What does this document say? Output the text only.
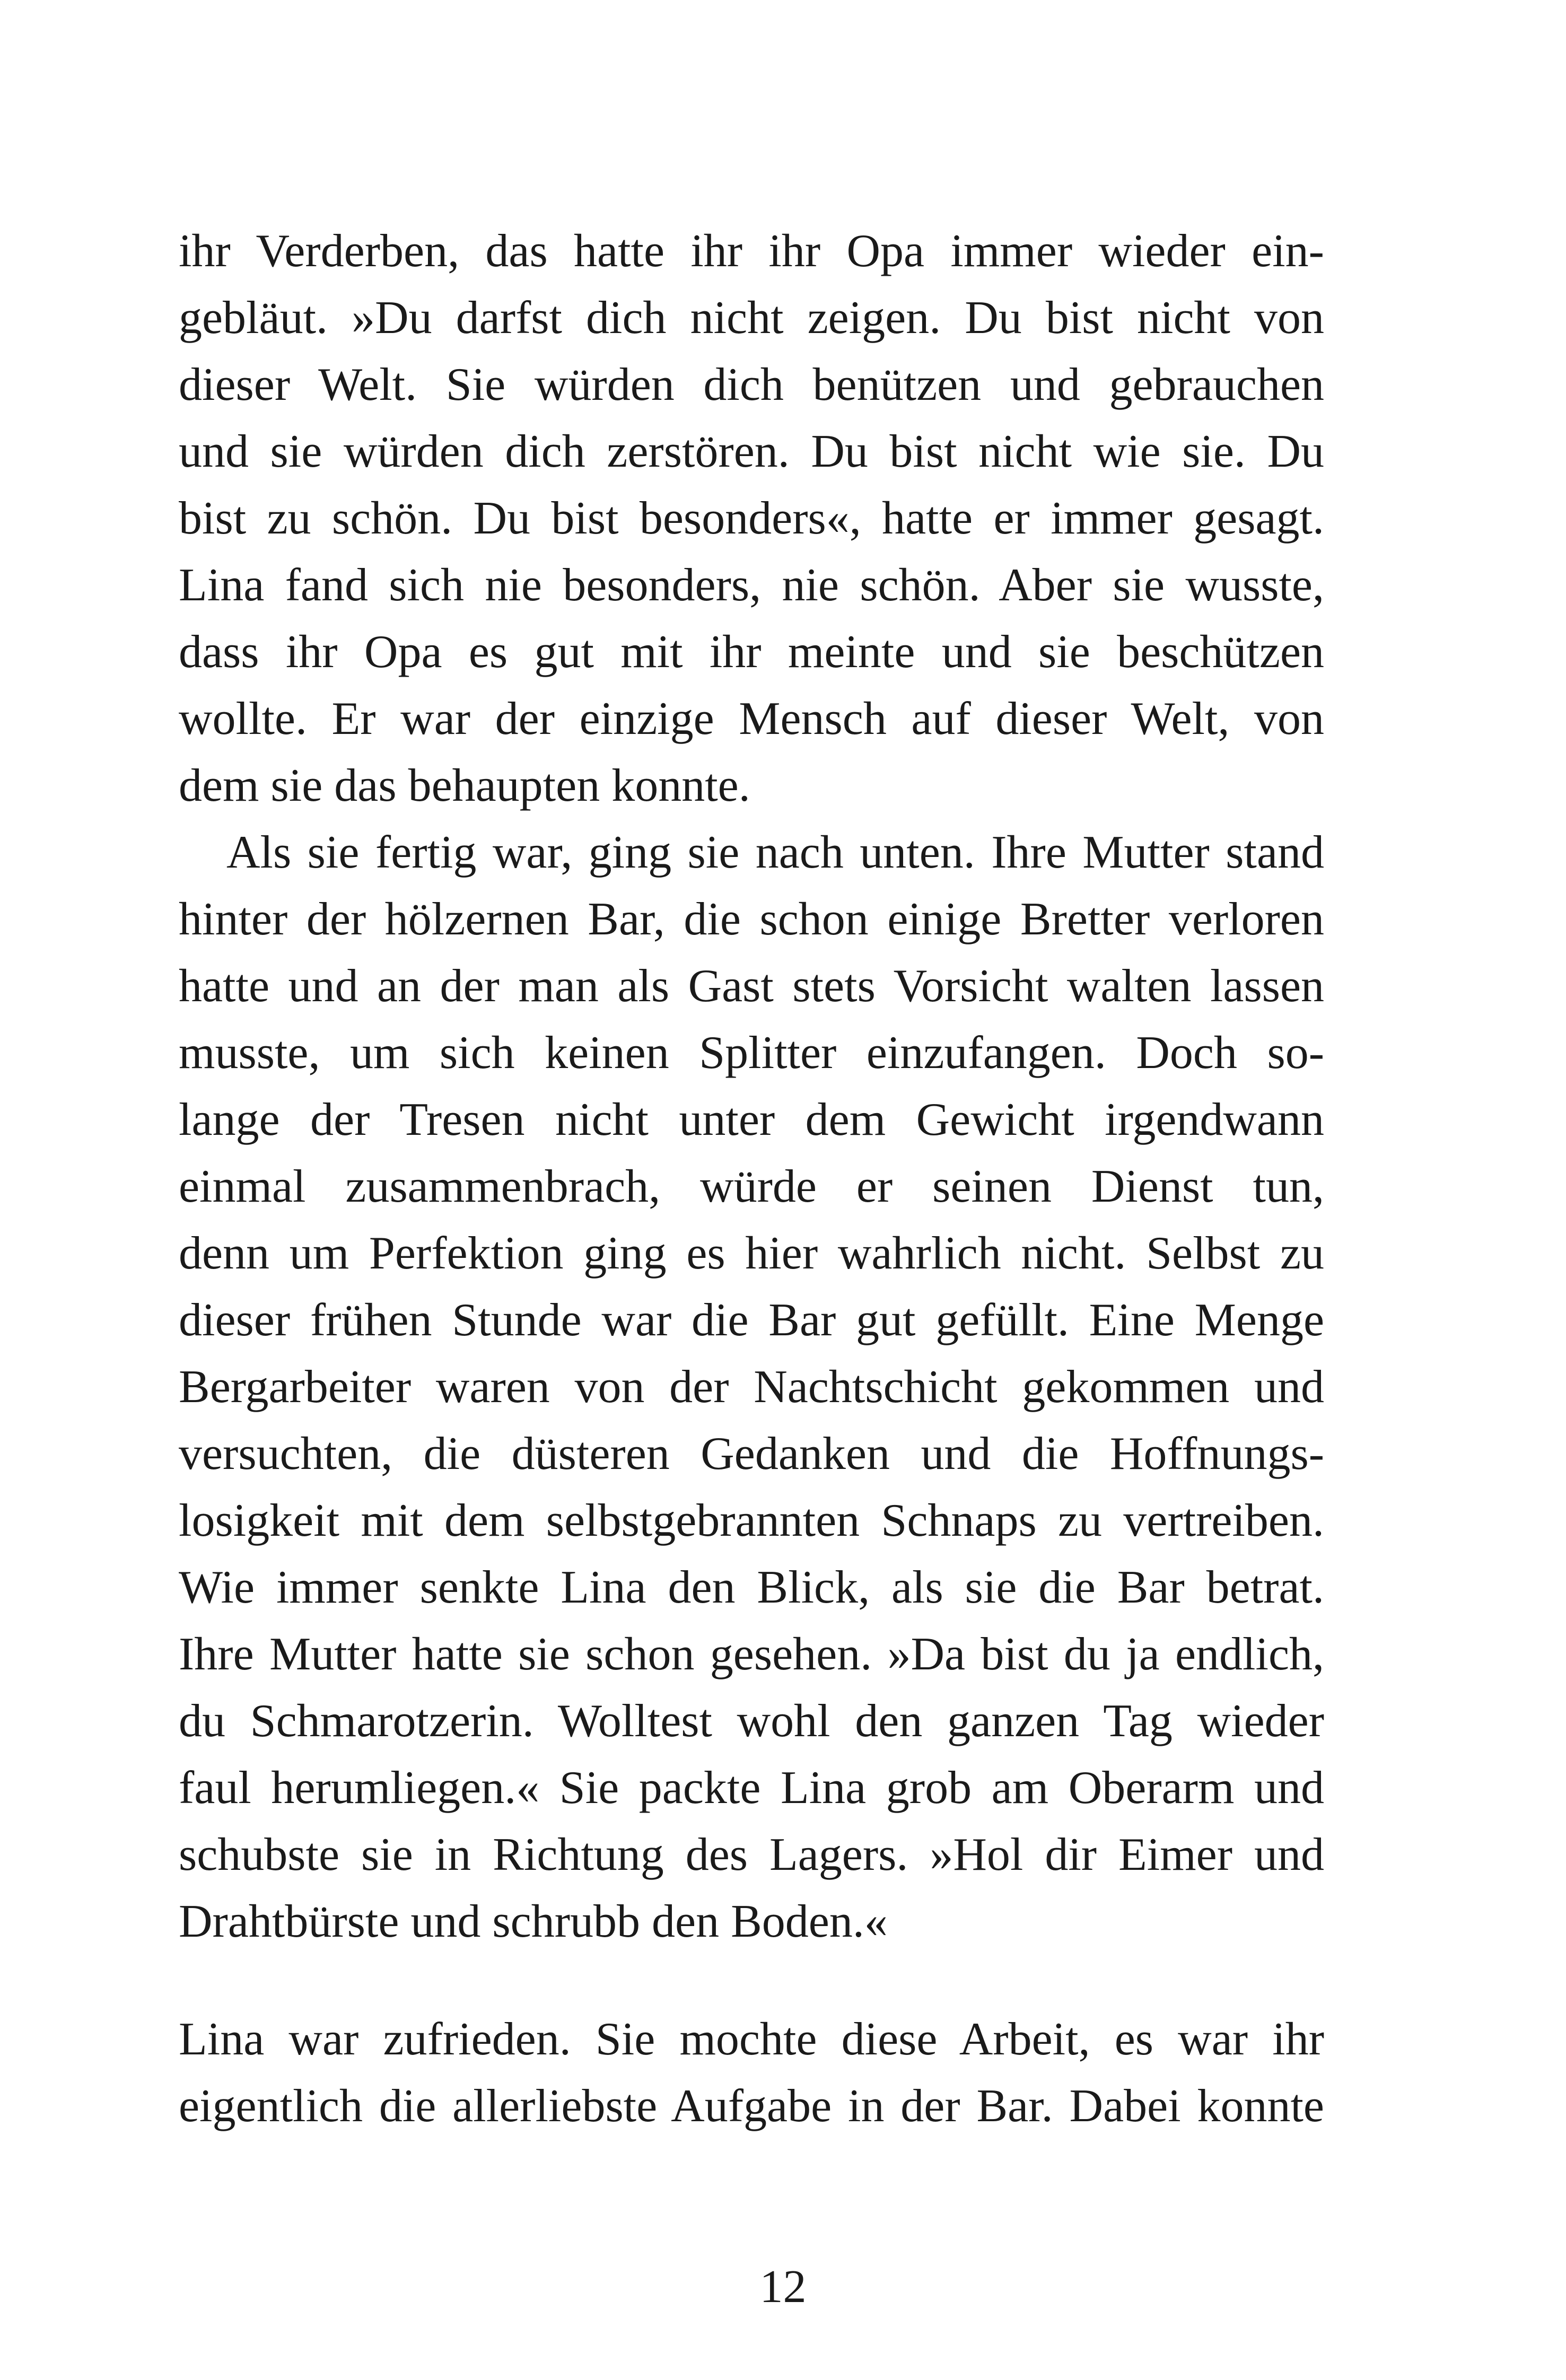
ihr Verderben, das hatte ihr ihr Opa immer wieder ein-
gebläut. »Du darfst dich nicht zeigen. Du bist nicht von
dieser Welt. Sie würden dich benützen und gebrauchen
und sie würden dich zerstören. Du bist nicht wie sie. Du
bist zu schön. Du bist besonders«, hatte er immer gesagt.
Lina fand sich nie besonders, nie schön. Aber sie wusste,
dass ihr Opa es gut mit ihr meinte und sie beschützen
wollte. Er war der einzige Mensch auf dieser Welt, von
dem sie das behaupten konnte.
Als sie fertig war, ging sie nach unten. Ihre Mutter stand
hinter der hölzernen Bar, die schon einige Bretter verloren
hatte und an der man als Gast stets Vorsicht walten lassen
musste, um sich keinen Splitter einzufangen. Doch so-
lange der Tresen nicht unter dem Gewicht irgendwann
einmal zusammenbrach, würde er seinen Dienst tun,
denn um Perfektion ging es hier wahrlich nicht. Selbst zu
dieser frühen Stunde war die Bar gut gefüllt. Eine Menge
Bergarbeiter waren von der Nachtschicht gekommen und
versuchten, die düsteren Gedanken und die Hoffnungs-
losigkeit mit dem selbstgebrannten Schnaps zu vertreiben.
Wie immer senkte Lina den Blick, als sie die Bar betrat.
Ihre Mutter hatte sie schon gesehen. »Da bist du ja endlich,
du Schmarotzerin. Wolltest wohl den ganzen Tag wieder
faul herumliegen.« Sie packte Lina grob am Oberarm und
schubste sie in Richtung des Lagers. »Hol dir Eimer und
Drahtbürste und schrubb den Boden.«
Lina war zufrieden. Sie mochte diese Arbeit, es war ihr
eigentlich die allerliebste Aufgabe in der Bar. Dabei konnte
12
